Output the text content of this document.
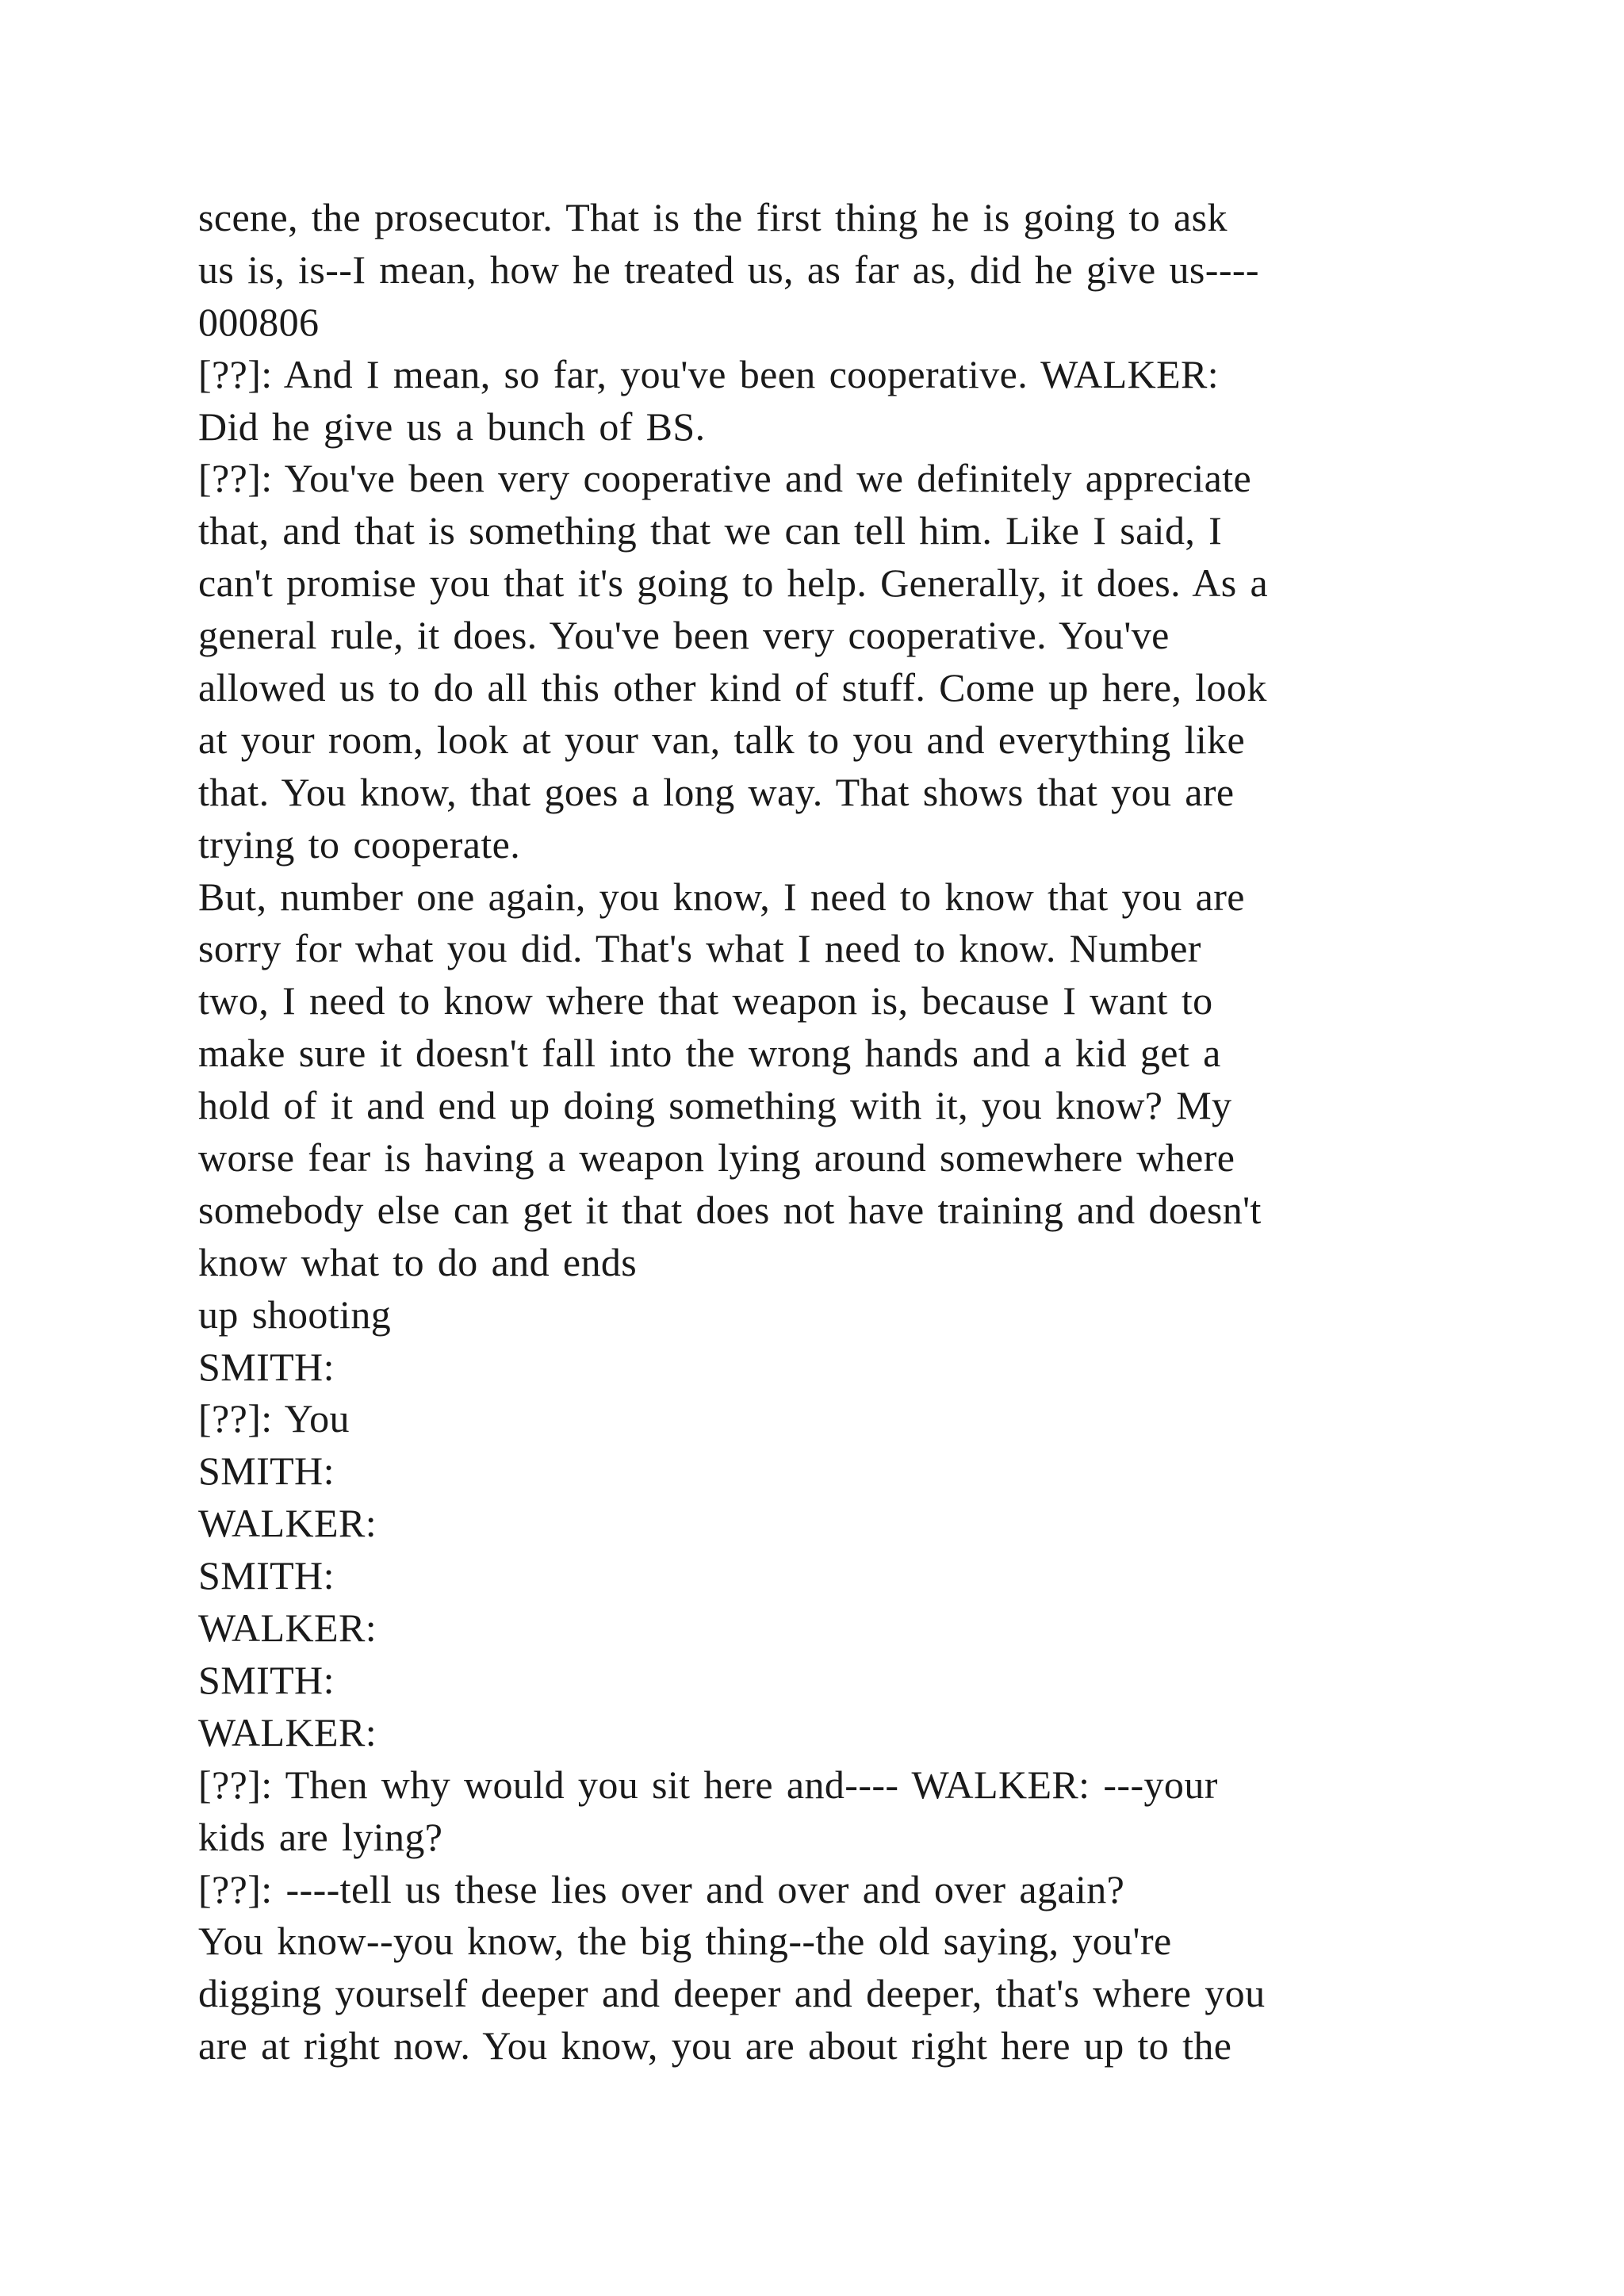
scene, the prosecutor. That is the first thing he is going to ask
us is, is--I mean, how he treated us, as far as, did he give us----
000806
[??]: And I mean, so far, you've been cooperative. WALKER:
Did he give us a bunch of BS.
[??]: You've been very cooperative and we definitely appreciate
that, and that is something that we can tell him. Like I said, I
can't promise you that it's going to help. Generally, it does. As a
general rule, it does. You've been very cooperative. You've
allowed us to do all this other kind of stuff. Come up here, look
at your room, look at your van, talk to you and everything like
that. You know, that goes a long way. That shows that you are
trying to cooperate.
But, number one again, you know, I need to know that you are
sorry for what you did. That's what I need to know. Number
two, I need to know where that weapon is, because I want to
make sure it doesn't fall into the wrong hands and a kid get a
hold of it and end up doing something with it, you know? My
worse fear is having a weapon lying around somewhere where
somebody else can get it that does not have training and doesn't
know what to do and ends
up shooting
SMITH:
[??]: You
SMITH:
WALKER:
SMITH:
WALKER:
SMITH:
WALKER:
[??]: Then why would you sit here and---- WALKER: ---your
kids are lying?
[??]: ----tell us these lies over and over and over again?
You know--you know, the big thing--the old saying, you're
digging yourself deeper and deeper and deeper, that's where you
are at right now. You know, you are about right here up to the
